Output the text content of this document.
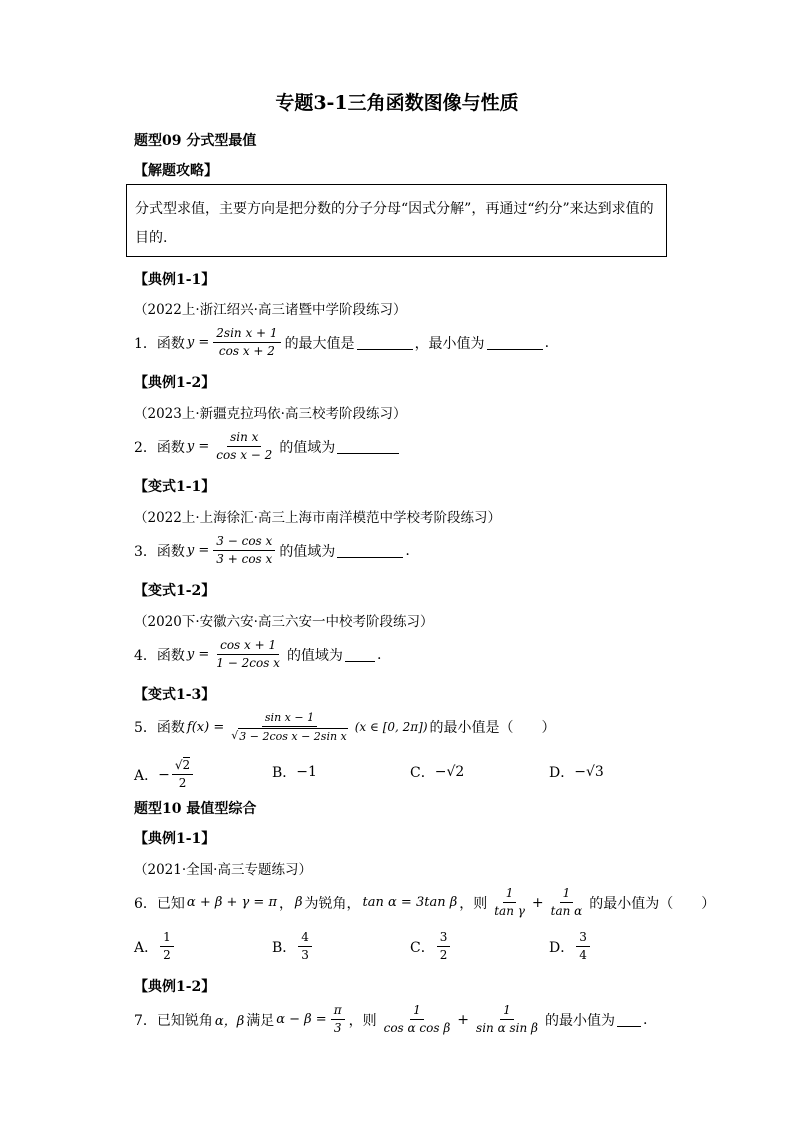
专题3-1三角函数图像与性质
题型09 分式型最值
【解题攻略】
分式型求值，主要方向是把分数的分子分母“因式分解”，再通过“约分”来达到求值的目的.
【典例1-1】
（2022上·浙江绍兴·高三诸暨中学阶段练习）
1．函数 $y = \frac{\text{2sin x + 1}}{\text{cos x + 2}}$ 的最大值是	，最小值为	.
【典例1-2】
（2023上·新疆克拉玛依·高三校考阶段练习）
2．函数 $y = \frac{\text{sin x}}{\text{cos x − 2}}$ 的值域为
【变式1-1】
（2022上·上海徐汇·高三上海市南洋模范中学校考阶段练习）
3．函数 $y = \frac{\text{3 − cos x}}{\text{3 + cos x}}$ 的值域为	.
【变式1-2】
（2020下·安徽六安·高三六安一中校考阶段练习）
4．函数 $y = \frac{\text{cos x + 1}}{\text{1 − 2cos x}}$ 的值域为 .
【变式1-3】
5．函数 $f(x) = \frac{\text{sin x − 1}}{\text{√ 3 − 2cos x − 2sin x}} (x$ ∈ [0, 2π]) 的最小值是（　　）
A． − $\frac{√2}{2}$	B． −1	C． −√2	D． −√3
题型10 最值型综合
【典例1-1】
（2021·全国·高三专题练习）
6．已知 α + β + γ = π ， β 为锐角， tan α = 3tan β ，则 $\frac{1}{\text{tan γ}} + \frac{1}{\text{tan α}}$ 的最小值为（　　）
A． $\frac{1}{2}$	B． $\frac{4}{3}$	C． $\frac{3}{2}$	D． $\frac{3}{4}$
【典例1-2】
7．已知锐角 α，β 满足 $\alpha - \beta = \frac{\pi}{3}$ ，则 $\frac{1}{\text{cos α cos β}} + \frac{1}{\text{sin α sin β}}$ 的最小值为 .
